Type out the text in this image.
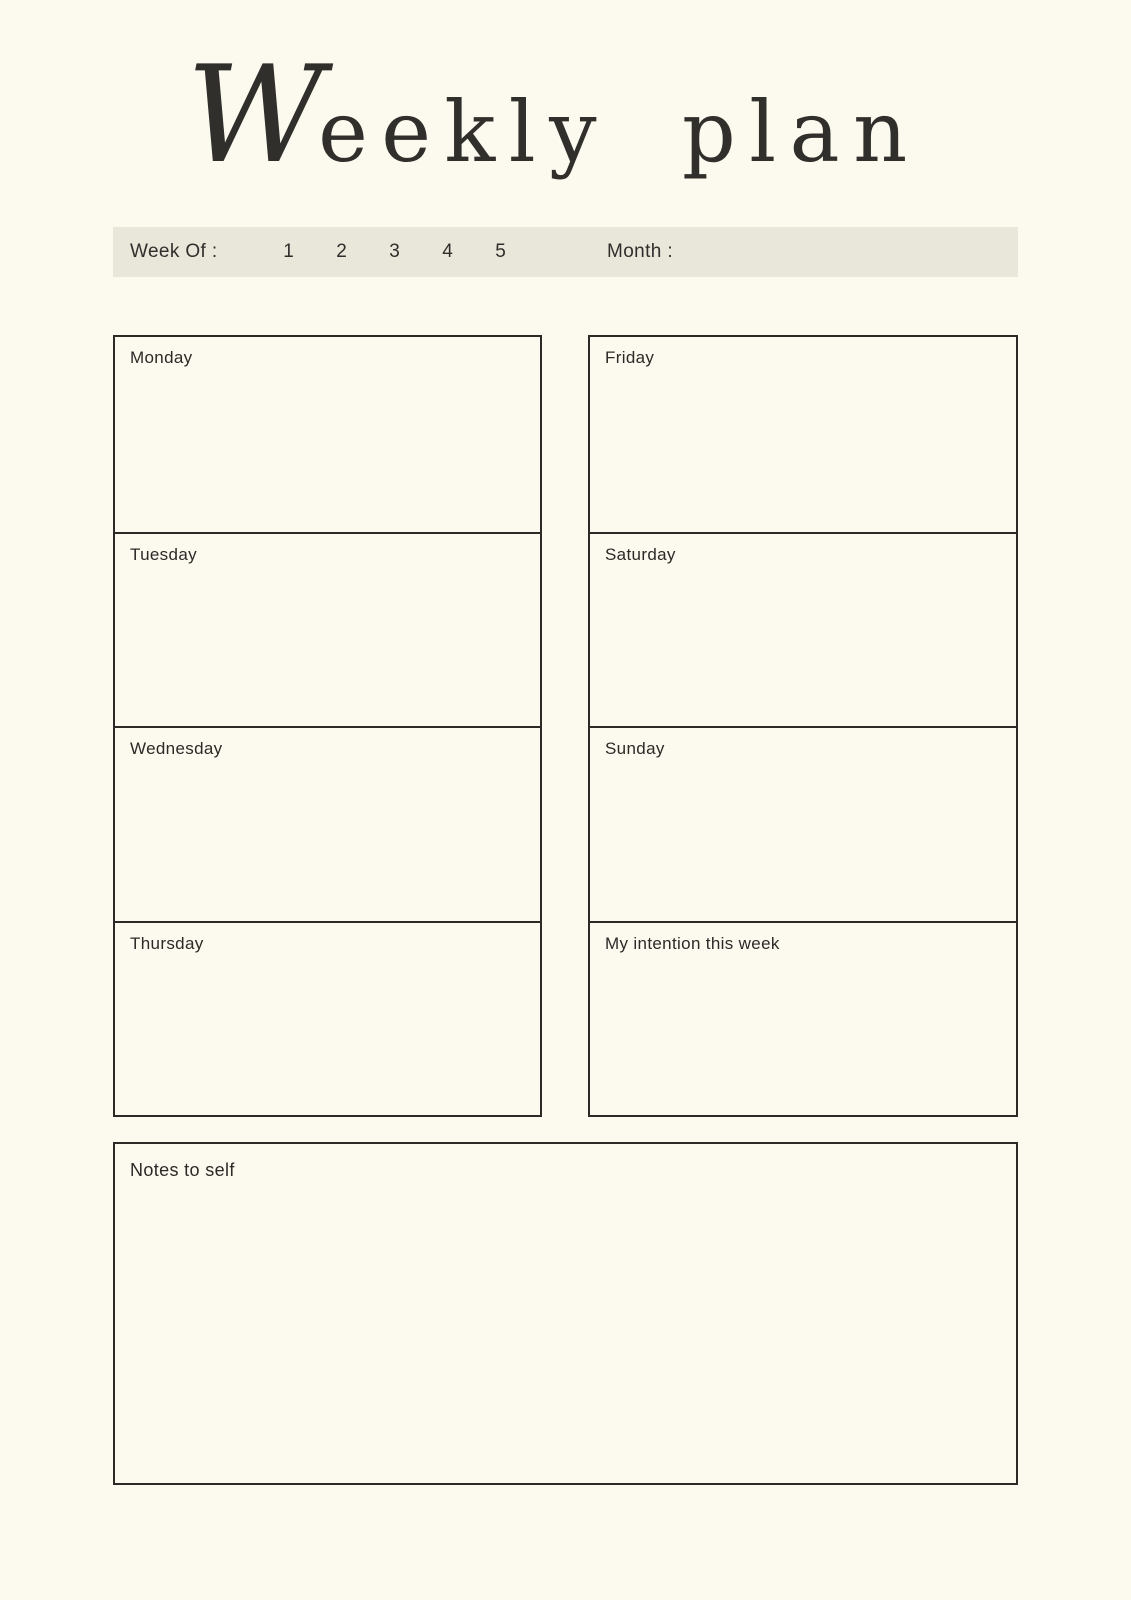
Weekly plan
Week Of :	1 2 3 4 5	Month :
Monday
Tuesday
Wednesday
Thursday
Friday
Saturday
Sunday
My intention this week
Notes to self
